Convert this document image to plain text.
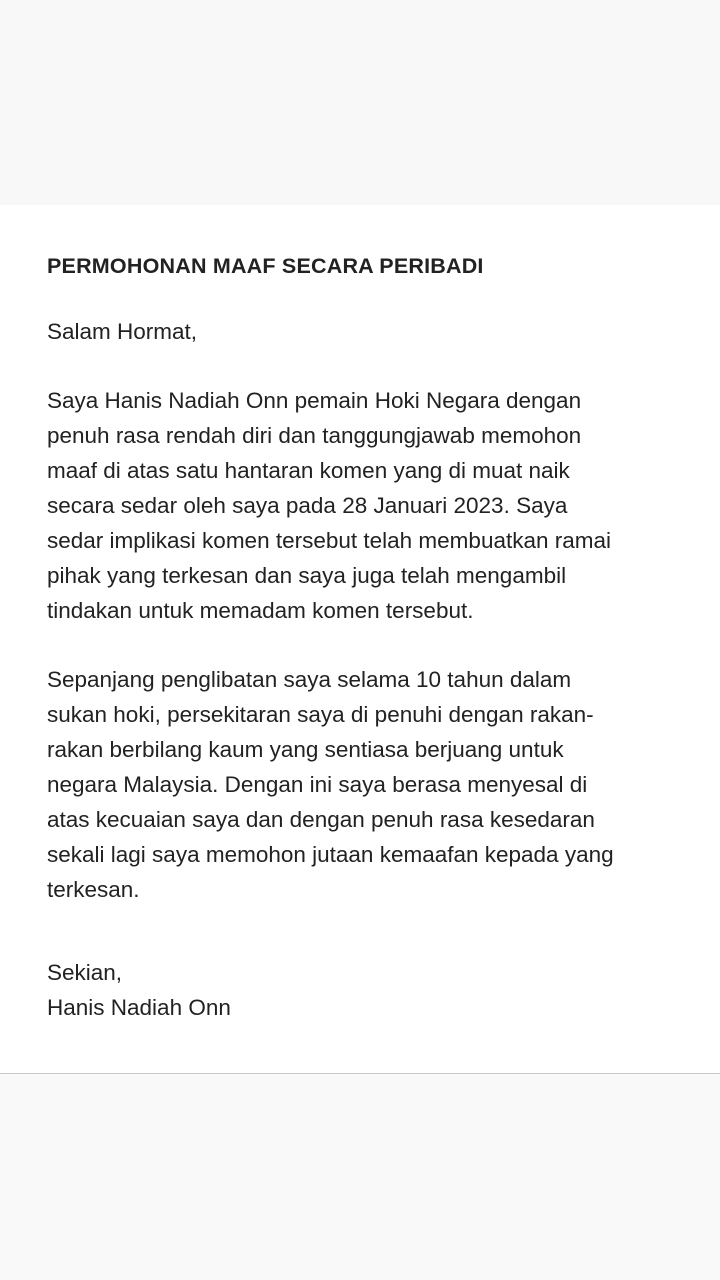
PERMOHONAN MAAF SECARA PERIBADI
Salam Hormat,
Saya Hanis Nadiah Onn pemain Hoki Negara dengan
penuh rasa rendah diri dan tanggungjawab memohon
maaf di atas satu hantaran komen yang di muat naik
secara sedar oleh saya pada 28 Januari 2023. Saya
sedar implikasi komen tersebut telah membuatkan ramai
pihak yang terkesan dan saya juga telah mengambil
tindakan untuk memadam komen tersebut.
Sepanjang penglibatan saya selama 10 tahun dalam
sukan hoki, persekitaran saya di penuhi dengan rakan-
rakan berbilang kaum yang sentiasa berjuang untuk
negara Malaysia. Dengan ini saya berasa menyesal di
atas kecuaian saya dan dengan penuh rasa kesedaran
sekali lagi saya memohon jutaan kemaafan kepada yang
terkesan.
Sekian,
Hanis Nadiah Onn
